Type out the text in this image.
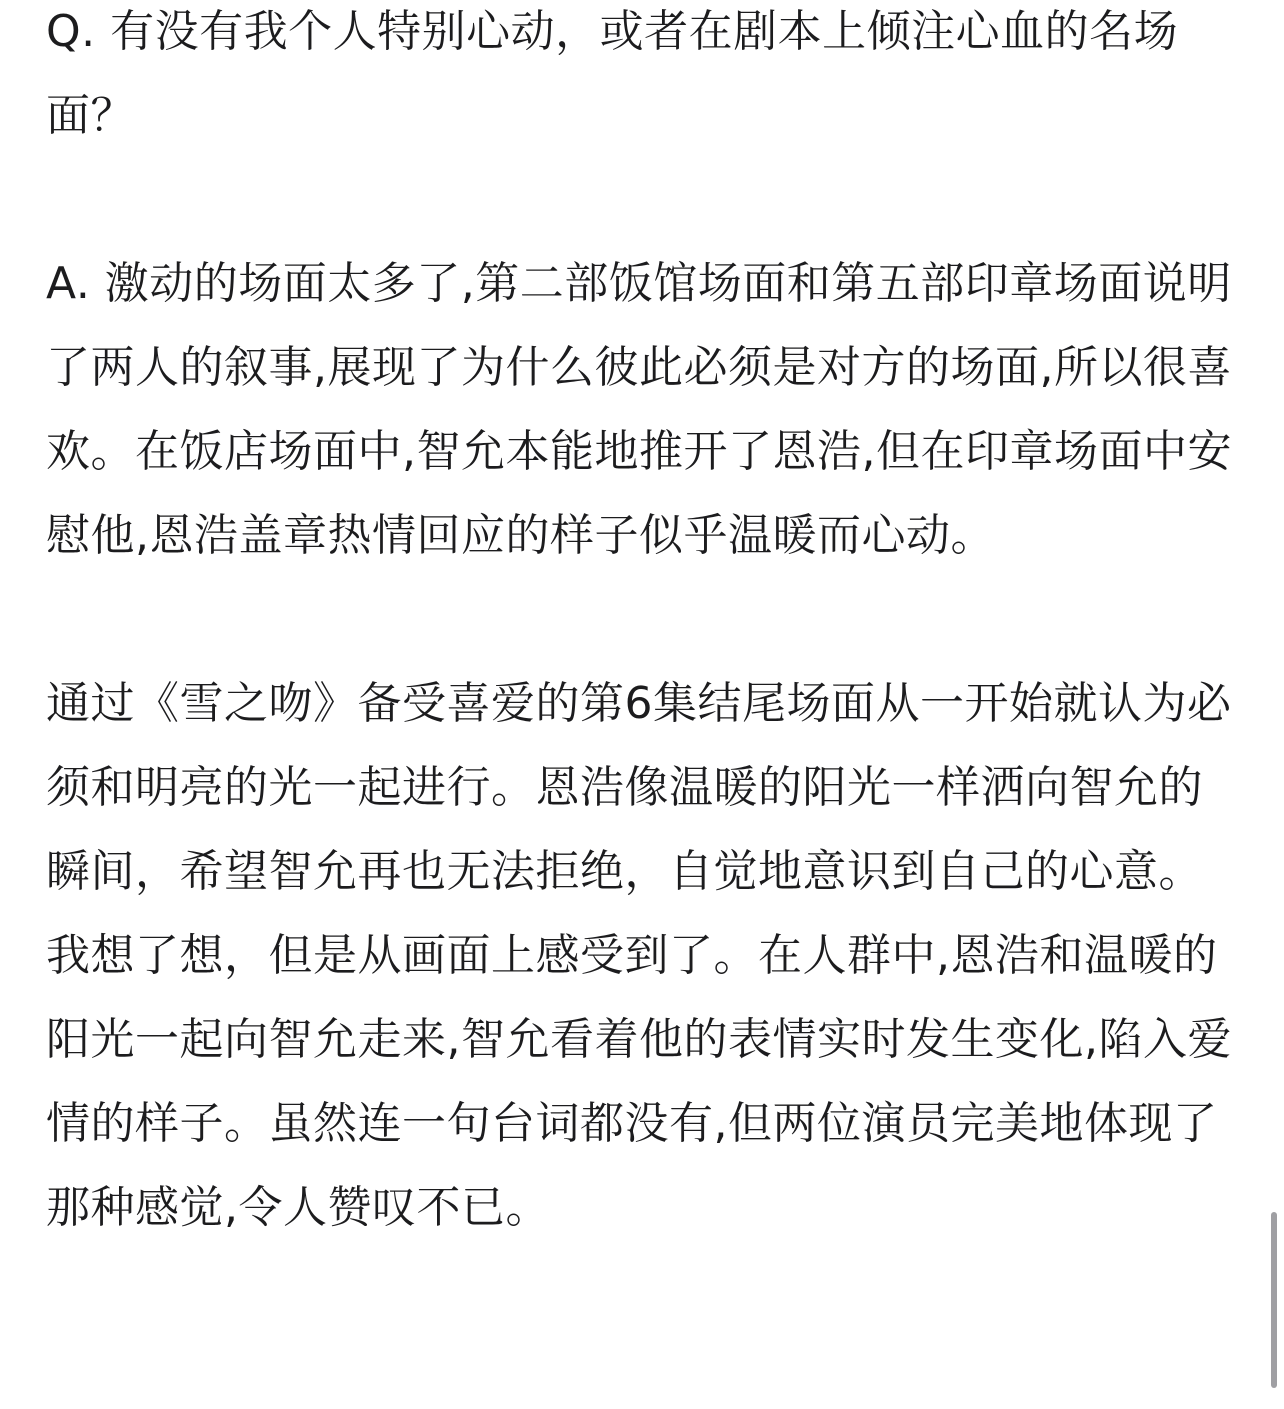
Q. 有没有我个人特别心动，或者在剧本上倾注心血的名场面？

A. 激动的场面太多了,第二部饭馆场面和第五部印章场面说明了两人的叙事,展现了为什么彼此必须是对方的场面,所以很喜欢。在饭店场面中,智允本能地推开了恩浩,但在印章场面中安慰他,恩浩盖章热情回应的样子似乎温暖而心动。

通过《雪之吻》备受喜爱的第6集结尾场面从一开始就认为必须和明亮的光一起进行。恩浩像温暖的阳光一样洒向智允的瞬间，希望智允再也无法拒绝，自觉地意识到自己的心意。我想了想，但是从画面上感受到了。在人群中,恩浩和温暖的阳光一起向智允走来,智允看着他的表情实时发生变化,陷入爱情的样子。虽然连一句台词都没有,但两位演员完美地体现了那种感觉,令人赞叹不已。
